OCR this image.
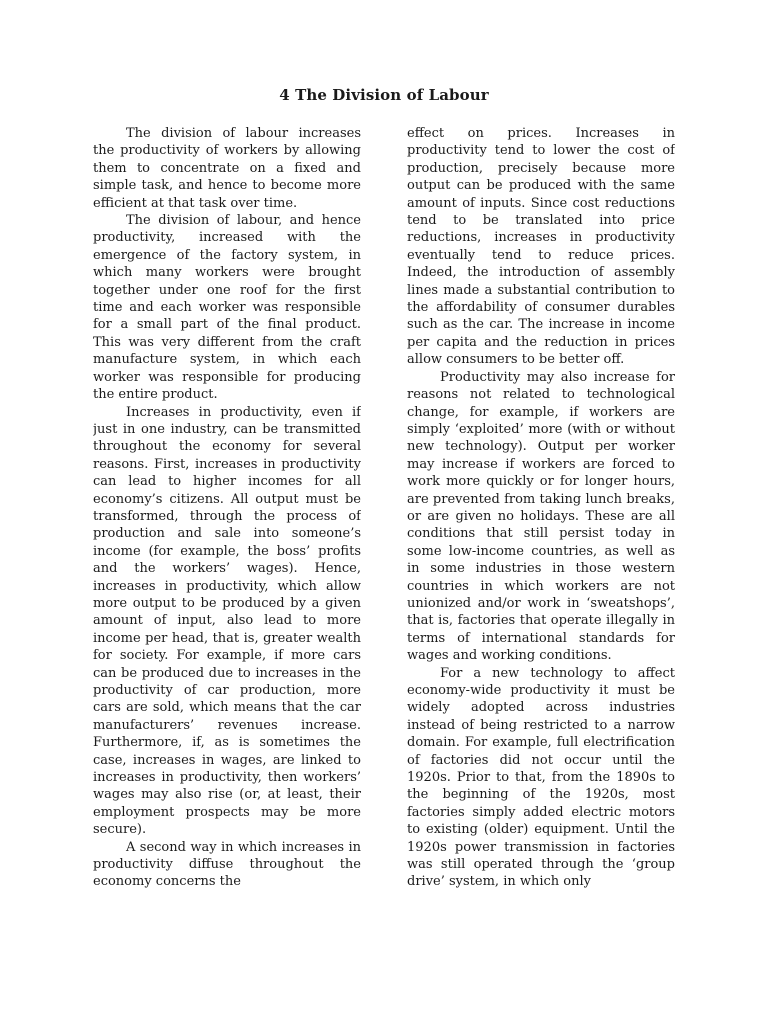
4 The Division of Labour

The division of labour increases the productivity of workers by allowing them to concentrate on a fixed and simple task, and hence to become more efficient at that task over time.

The division of labour, and hence productivity, increased with the emergence of the factory system, in which many workers were brought together under one roof for the first time and each worker was responsible for a small part of the final product. This was very different from the craft manufacture system, in which each worker was responsible for producing the entire product.

Increases in productivity, even if just in one industry, can be transmitted throughout the economy for several reasons. First, increases in productivity can lead to higher incomes for all economy’s citizens. All output must be transformed, through the process of production and sale into someone’s income (for example, the boss’ profits and the workers’ wages). Hence, increases in productivity, which allow more output to be produced by a given amount of input, also lead to more income per head, that is, greater wealth for society. For example, if more cars can be produced due to increases in the productivity of car production, more cars are sold, which means that the car manufacturers’ revenues increase. Furthermore, if, as is sometimes the case, increases in wages, are linked to increases in productivity, then workers’ wages may also rise (or, at least, their employment prospects may be more secure).

A second way in which increases in productivity diffuse throughout the economy concerns the

effect on prices. Increases in productivity tend to lower the cost of production, precisely because more output can be produced with the same amount of inputs. Since cost reductions tend to be translated into price reductions, increases in productivity eventually tend to reduce prices. Indeed, the introduction of assembly lines made a substantial contribution to the affordability of consumer durables such as the car. The increase in income per capita and the reduction in prices allow consumers to be better off.

Productivity may also increase for reasons not related to technological change, for example, if workers are simply ‘exploited’ more (with or without new technology). Output per worker may increase if workers are forced to work more quickly or for longer hours, are prevented from taking lunch breaks, or are given no holidays. These are all conditions that still persist today in some low-income countries, as well as in some industries in those western countries in which workers are not unionized and/or work in ‘sweatshops’, that is, factories that operate illegally in terms of international standards for wages and working conditions.

For a new technology to affect economy-wide productivity it must be widely adopted across industries instead of being restricted to a narrow domain. For example, full electrification of factories did not occur until the 1920s. Prior to that, from the 1890s to the beginning of the 1920s, most factories simply added electric motors to existing (older) equipment. Until the 1920s power transmission in factories was still operated through the ‘group drive’ system, in which only
